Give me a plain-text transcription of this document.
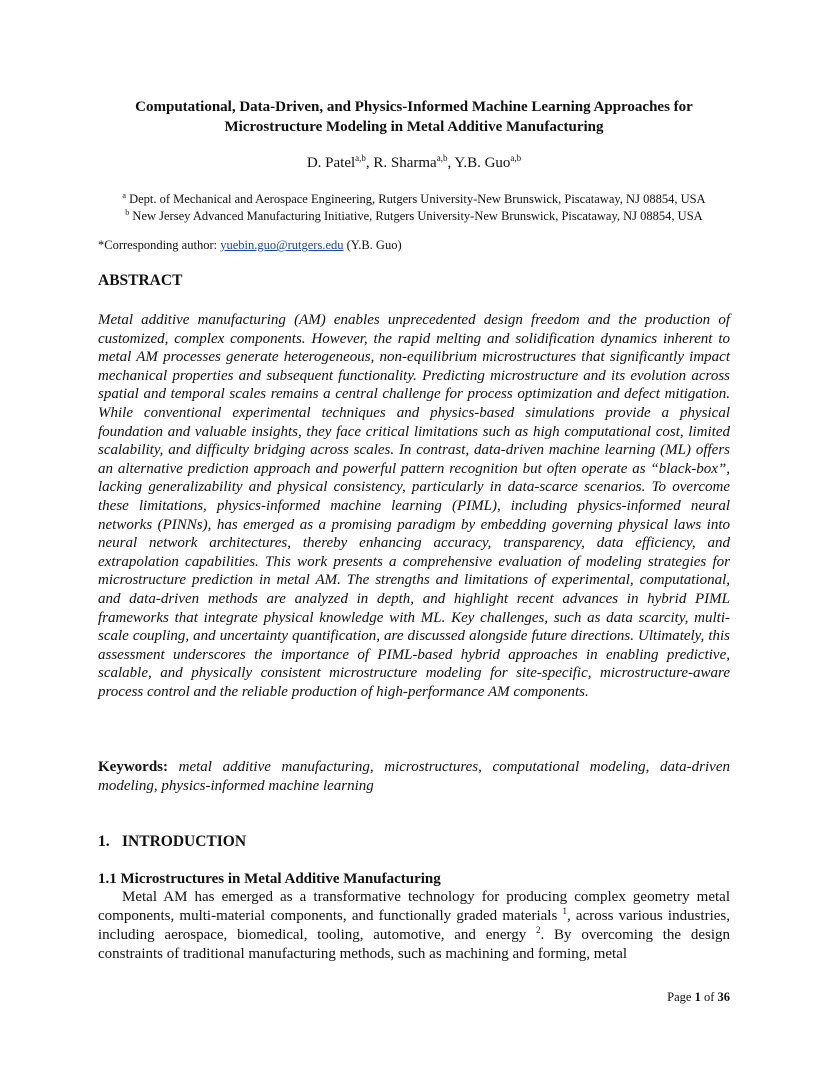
Computational, Data-Driven, and Physics-Informed Machine Learning Approaches for
Microstructure Modeling in Metal Additive Manufacturing
D. Patel$^{a,b}$, R. Sharma$^{a,b}$, Y.B. Guo$^{a,b}$
$^a$ Dept. of Mechanical and Aerospace Engineering, Rutgers University-New Brunswick, Piscataway, NJ 08854, USA
$^b$ New Jersey Advanced Manufacturing Initiative, Rutgers University-New Brunswick, Piscataway, NJ 08854, USA
*Corresponding author: yuebin.guo@rutgers.edu (Y.B. Guo)
ABSTRACT

Metal additive manufacturing (AM) enables unprecedented design freedom and the production of customized, complex components. However, the rapid melting and solidification dynamics inherent to metal AM processes generate heterogeneous, non-equilibrium microstructures that significantly impact mechanical properties and subsequent functionality. Predicting microstructure and its evolution across spatial and temporal scales remains a central challenge for process optimization and defect mitigation. While conventional experimental techniques and physics-based simulations provide a physical foundation and valuable insights, they face critical limitations such as high computational cost, limited scalability, and difficulty bridging across scales. In contrast, data-driven machine learning (ML) offers an alternative prediction approach and powerful pattern recognition but often operate as “black-box”, lacking generalizability and physical consistency, particularly in data-scarce scenarios. To overcome these limitations, physics-informed machine learning (PIML), including physics-informed neural networks (PINNs), has emerged as a promising paradigm by embedding governing physical laws into neural network architectures, thereby enhancing accuracy, transparency, data efficiency, and extrapolation capabilities. This work presents a comprehensive evaluation of modeling strategies for microstructure prediction in metal AM. The strengths and limitations of experimental, computational, and data-driven methods are analyzed in depth, and highlight recent advances in hybrid PIML frameworks that integrate physical knowledge with ML. Key challenges, such as data scarcity, multi-scale coupling, and uncertainty quantification, are discussed alongside future directions. Ultimately, this assessment underscores the importance of PIML-based hybrid approaches in enabling predictive, scalable, and physically consistent microstructure modeling for site-specific, microstructure-aware process control and the reliable production of high-performance AM components.

Keywords: metal additive manufacturing, microstructures, computational modeling, data-driven modeling, physics-informed machine learning

1. INTRODUCTION
1.1 Microstructures in Metal Additive Manufacturing

Metal AM has emerged as a transformative technology for producing complex geometry metal components, multi-material components, and functionally graded materials $^1$, across various industries, including aerospace, biomedical, tooling, automotive, and energy $^2$. By overcoming the design constraints of traditional manufacturing methods, such as machining and forming, metal

Page 1 of 36
